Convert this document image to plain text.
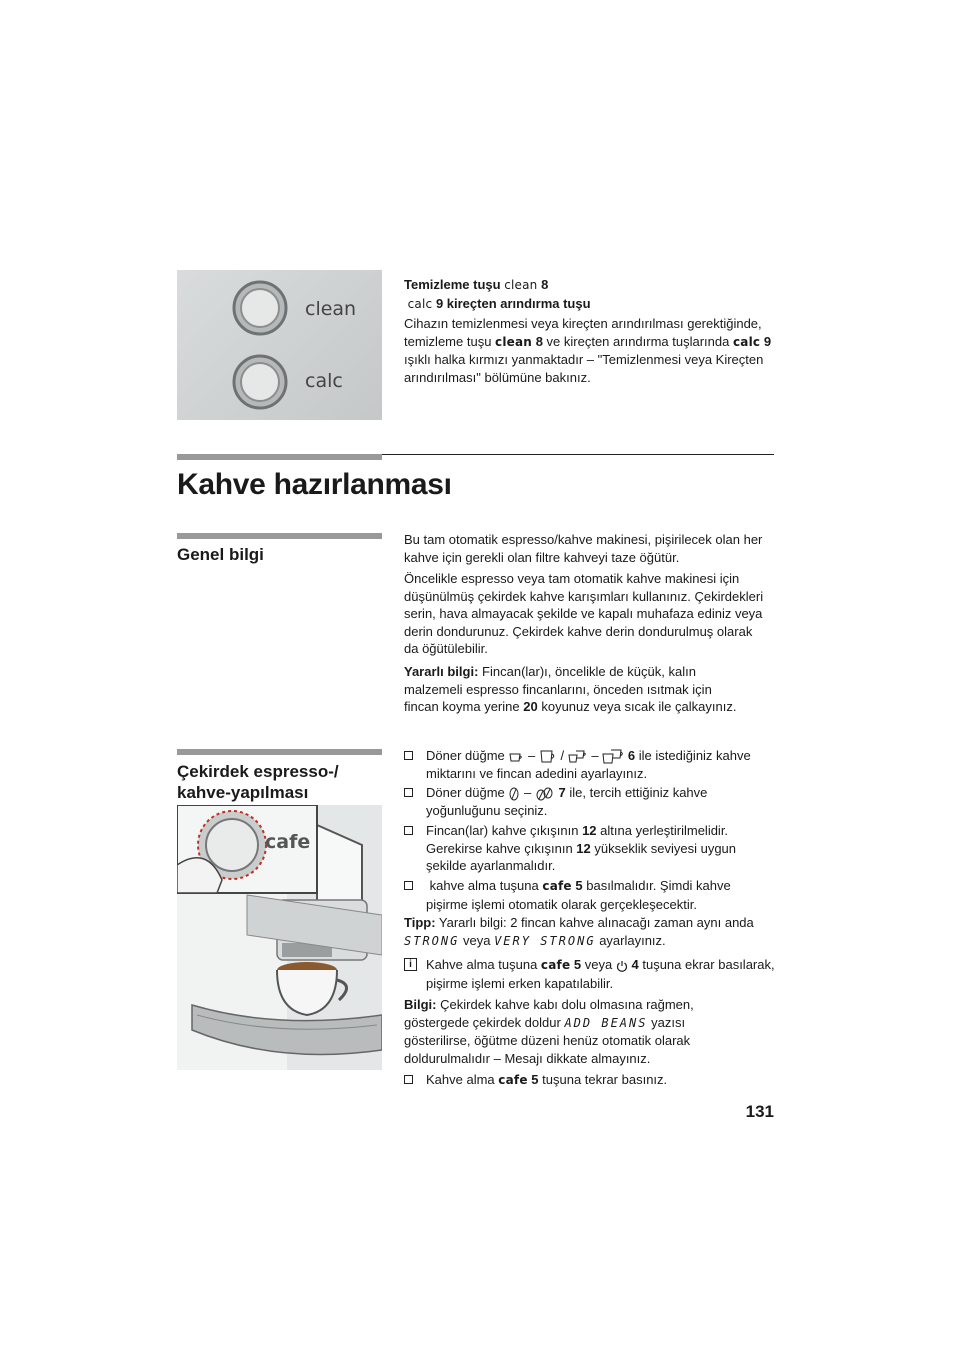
clean
calc
Temizleme tuşu clean 8
calc 9 kireçten arındırma tuşu
Cihazın temizlenmesi veya kireçten arındırılması gerektiğinde, temizleme tuşu clean 8 ve kireçten arındırma tuşlarında calc 9 ışıklı halka kırmızı yanmaktadır – "Temizlenmesi veya Kireçten arındırılması" bölümüne bakınız.
Kahve hazırlanması
Genel bilgi
Bu tam otomatik espresso/kahve makinesi, pişirilecek olan her kahve için gerekli olan filtre kahveyi taze öğütür.
Öncelikle espresso veya tam otomatik kahve makinesi için düşünülmüş çekirdek kahve karışımları kullanınız. Çekirdekleri serin, hava almayacak şekilde ve kapalı muhafaza ediniz veya derin dondurunuz. Çekirdek kahve derin dondurulmuş olarak da öğütülebilir.
Yararlı bilgi: Fincan(lar)ı, öncelikle de küçük, kalın malzemeli espresso fincanlarını, önceden ısıtmak için fincan koyma yerine 20 koyunuz veya sıcak ile çalkayınız.
Çekirdek espresso-/
kahve-yapılması
cafe
Döner düğme – / – 6 ile istediğiniz kahve miktarını ve fincan adedini ayarlayınız.
Döner düğme – 7 ile, tercih ettiğiniz kahve yoğunluğunu seçiniz.
Fincan(lar) kahve çıkışının 12 altına yerleştirilmelidir. Gerekirse kahve çıkışının 12 yükseklik seviyesi uygun şekilde ayarlanmalıdır.
kahve alma tuşuna cafe 5 basılmalıdır. Şimdi kahve pişirme işlemi otomatik olarak gerçekleşecektir.
Tipp: Yararlı bilgi: 2 fincan kahve alınacağı zaman aynı anda STRONG veya VERY STRONG ayarlayınız.
i	Kahve alma tuşuna cafe 5 veya 4 tuşuna ekrar basılarak, pişirme işlemi erken kapatılabilir.
Bilgi: Çekirdek kahve kabı dolu olmasına rağmen, göstergede çekirdek doldur ADD BEANS yazısı gösterilirse, öğütme düzeni henüz otomatik olarak doldurulmalıdır – Mesajı dikkate almayınız.
Kahve alma cafe 5 tuşuna tekrar basınız.
131
